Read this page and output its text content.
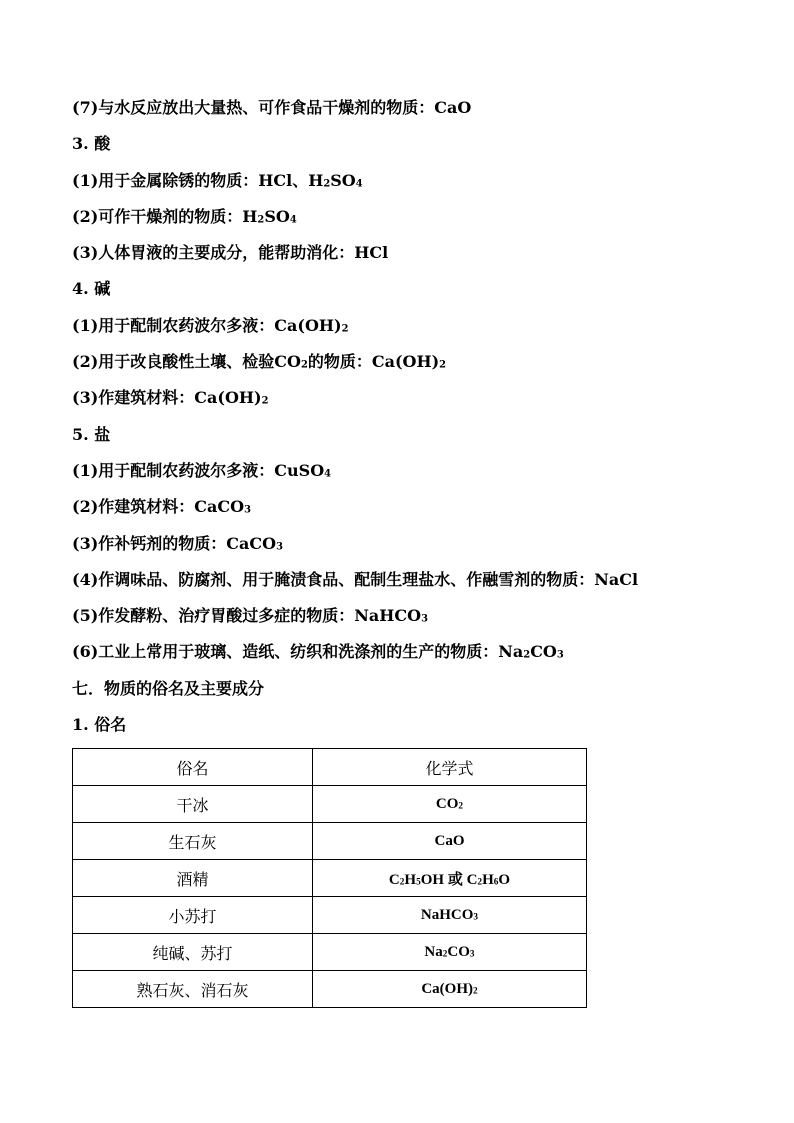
(7)与水反应放出大量热、可作食品干燥剂的物质：CaO
3. 酸
(1)用于金属除锈的物质：HCl、$H_2SO_4$
(2)可作干燥剂的物质：$H_2SO_4$
(3)人体胃液的主要成分，能帮助消化：HCl
4. 碱
(1)用于配制农药波尔多液：$Ca(OH)_2$
(2)用于改良酸性土壤、检验$CO_2$的物质：$Ca(OH)_2$
(3)作建筑材料：$Ca(OH)_2$
5. 盐
(1)用于配制农药波尔多液：CuSO$_4$
(2)作建筑材料：CaCO$_3$
(3)作补钙剂的物质：CaCO$_3$
(4)作调味品、防腐剂、用于腌渍食品、配制生理盐水、作融雪剂的物质：NaCl
(5)作发酵粉、治疗胃酸过多症的物质：NaHCO$_3$
(6)工业上常用于玻璃、造纸、纺织和洗涤剂的生产的物质：$Na_2CO_3$
七．物质的俗名及主要成分
1. 俗名
俗名	化学式
干冰	$CO_2$
生石灰	CaO
酒精	$C_2H_5OH$ 或 $C_2H_6O$
小苏打	NaHCO$_3$
纯碱、苏打	$Na_2CO_3$
熟石灰、消石灰	$Ca(OH)_2$
